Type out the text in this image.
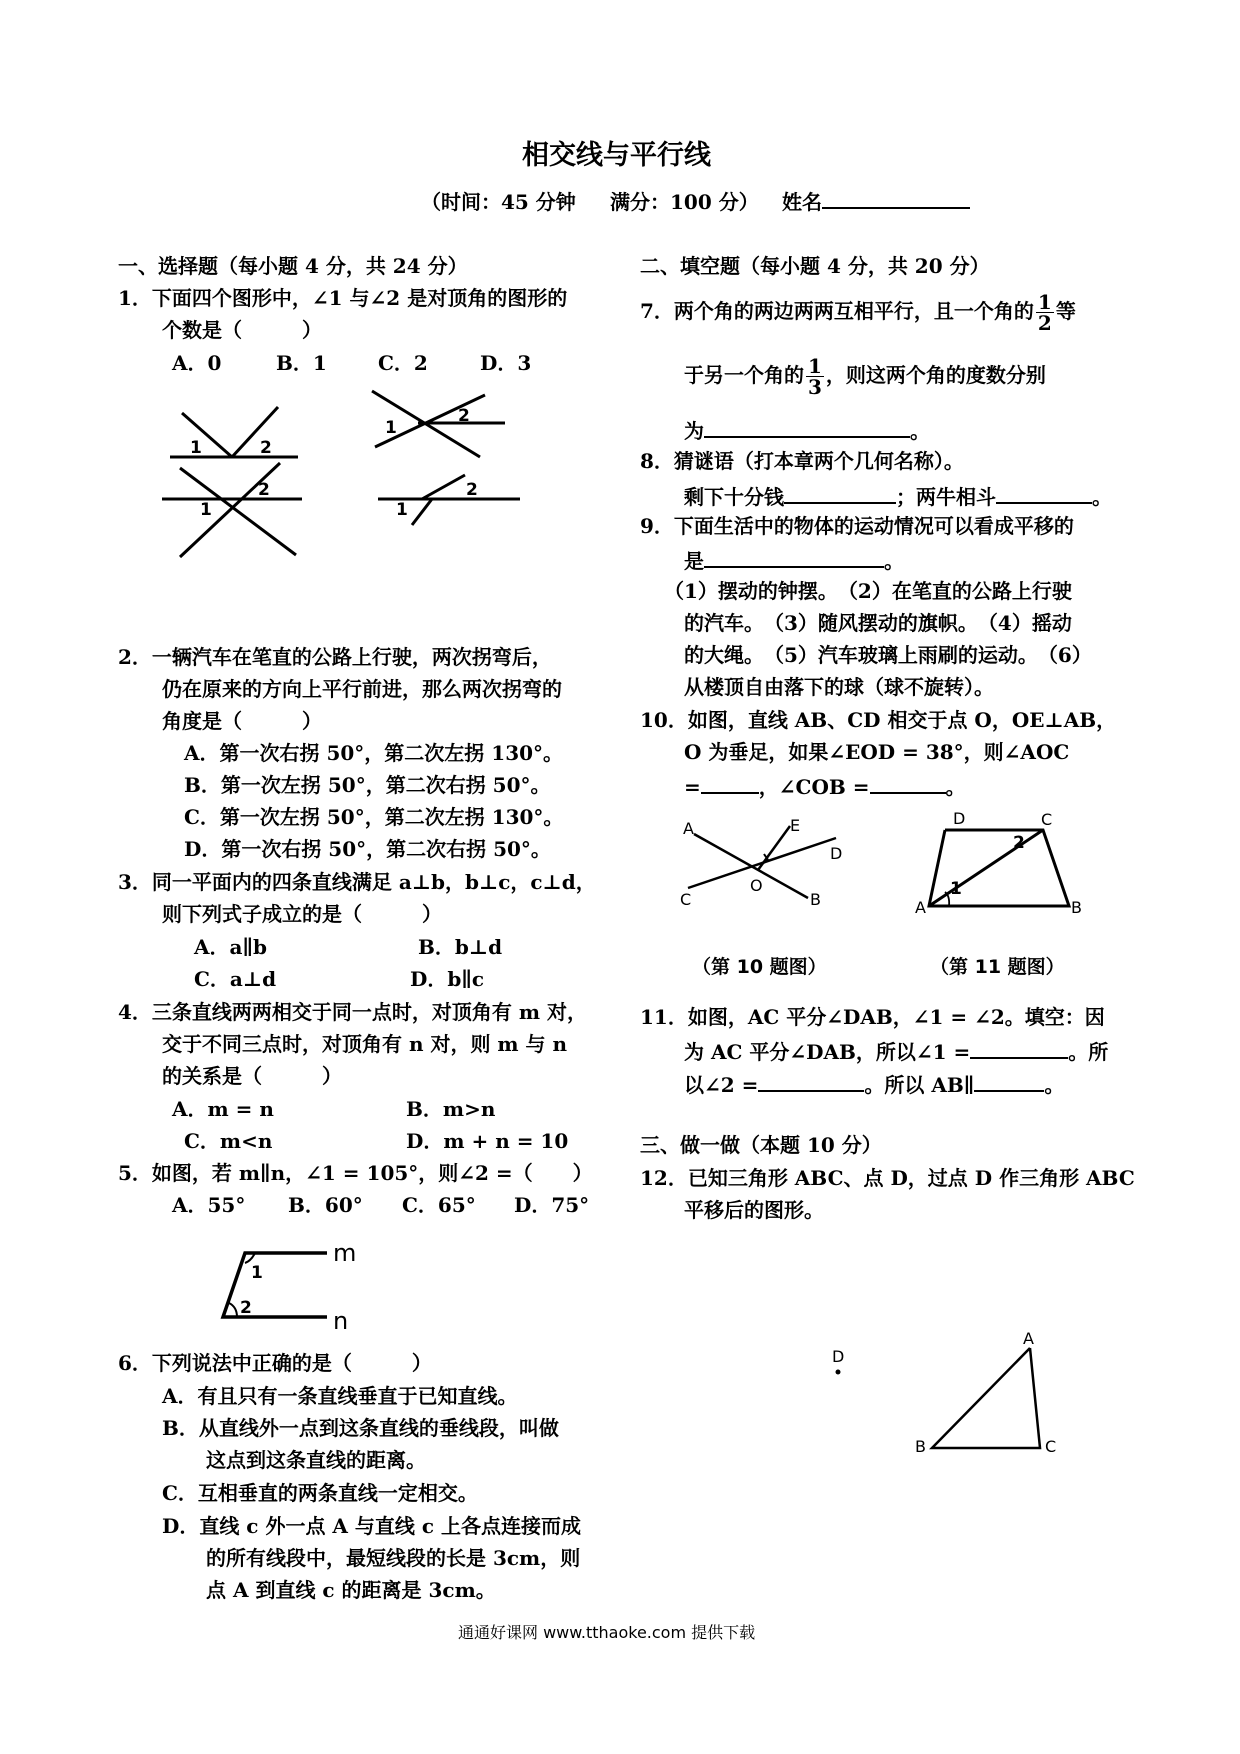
相交线与平行线
（时间：45 分钟 满分：100 分） 姓名
一、选择题（每小题 4 分，共 24 分）
1．下面四个图形中，∠1 与∠2 是对顶角的图形的
个数是（　　　）
A．0	B．1	C．2	D．3
1	2
1
2
1
2
1
2
2．一辆汽车在笔直的公路上行驶，两次拐弯后，
仍在原来的方向上平行前进，那么两次拐弯的
角度是（　　　）
A．第一次右拐 50°，第二次左拐 130°。
B．第一次左拐 50°，第二次右拐 50°。
C．第一次左拐 50°，第二次左拐 130°。
D．第一次右拐 50°，第二次右拐 50°。
3．同一平面内的四条直线满足 a⊥b，b⊥c，c⊥d，
则下列式子成立的是（　　　）
A．a∥b	B．b⊥d
C．a⊥d	D．b∥c
4．三条直线两两相交于同一点时，对顶角有 m 对，
交于不同三点时，对顶角有 n 对，则 m 与 n
的关系是（　　　）
A．m = n	B．m>n
C．m<n	D．m + n = 10
5．如图，若 m∥n，∠1 = 105°，则∠2 =（　　）
A．55° B．60° C．65° D．75°
1
2
m
n
6．下列说法中正确的是（　　　）
A．有且只有一条直线垂直于已知直线。
B．从直线外一点到这条直线的垂线段，叫做
这点到这条直线的距离。
C．互相垂直的两条直线一定相交。
D．直线 c 外一点 A 与直线 c 上各点连接而成
的所有线段中，最短线段的长是 3cm，则
点 A 到直线 c 的距离是 3cm。
二、填空题（每小题 4 分，共 20 分）
7．两个角的两边两两互相平行，且一个角的 $\frac{1}{2}$ 等
于另一个角的 $\frac{1}{3}$ ，则这两个角的度数分别
为	。
8．猜谜语（打本章两个几何名称）。
剩下十分钱	；两牛相斗	。
9．下面生活中的物体的运动情况可以看成平移的
是	。
（1）摆动的钟摆。　（2）在笔直的公路上行驶
的汽车。　（3）随风摆动的旗帜。　（4）摇动
的大绳。　（5）汽车玻璃上雨刷的运动。　（6）
从楼顶自由落下的球（球不旋转）。
10．如图，直线 AB、CD 相交于点 O，OE⊥AB，
O 为垂足，如果∠EOD = 38°，则∠AOC
=	，∠COB =	。
A	E
D
O
C	B
D	C
A	B
1
2
（第 10 题图）	（第 11 题图）
11．如图，AC 平分∠DAB，∠1 = ∠2。填空：因
为 AC 平分∠DAB，所以∠1 =	。所
以∠2 =	。所以 AB∥	。
三、做一做（本题 10 分）
12．已知三角形 ABC、点 D，过点 D 作三角形 ABC
平移后的图形。
D
A
B	C
通通好课网 www.tthaoke.com 提供下载
